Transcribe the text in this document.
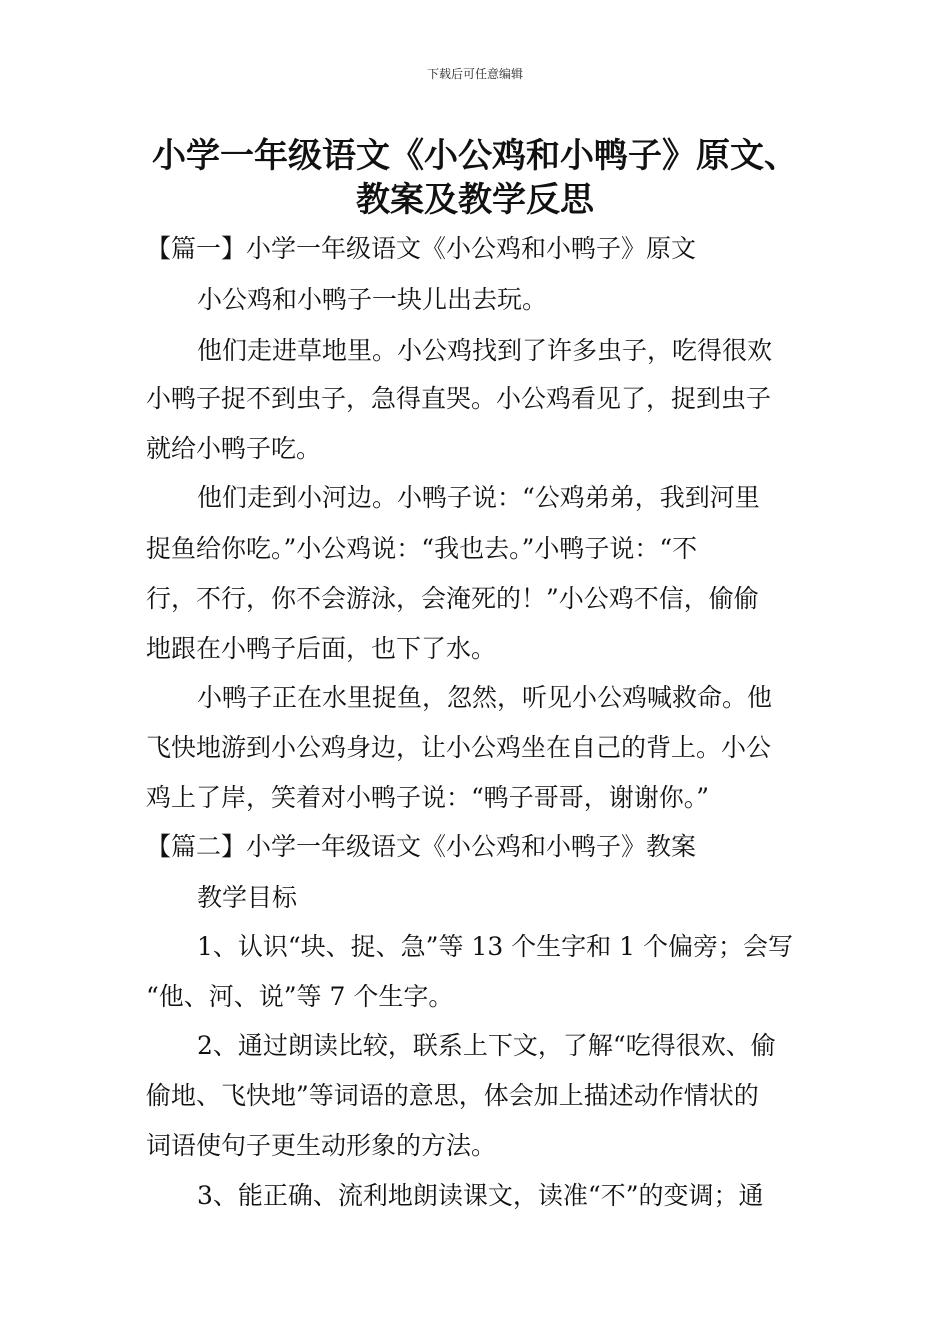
下载后可任意编辑
小学一年级语文《小公鸡和小鸭子》原文、
教案及教学反思

【篇一】小学一年级语文《小公鸡和小鸭子》原文

小公鸡和小鸭子一块儿出去玩。

他们走进草地里。小公鸡找到了许多虫子，吃得很欢

小鸭子捉不到虫子，急得直哭。小公鸡看见了，捉到虫子

就给小鸭子吃。

他们走到小河边。小鸭子说：“公鸡弟弟，我到河里

捉鱼给你吃。”小公鸡说：“我也去。”小鸭子说：“不

行，不行，你不会游泳，会淹死的！”小公鸡不信，偷偷

地跟在小鸭子后面，也下了水。

小鸭子正在水里捉鱼，忽然，听见小公鸡喊救命。他

飞快地游到小公鸡身边，让小公鸡坐在自己的背上。小公

鸡上了岸，笑着对小鸭子说：“鸭子哥哥，谢谢你。”

【篇二】小学一年级语文《小公鸡和小鸭子》教案

教学目标

1、认识“块、捉、急”等 13 个生字和 1 个偏旁；会写

“他、河、说”等 7 个生字。

2、通过朗读比较，联系上下文，了解“吃得很欢、偷

偷地、飞快地”等词语的意思，体会加上描述动作情状的

词语使句子更生动形象的方法。

3、能正确、流利地朗读课文，读准“不”的变调；通
